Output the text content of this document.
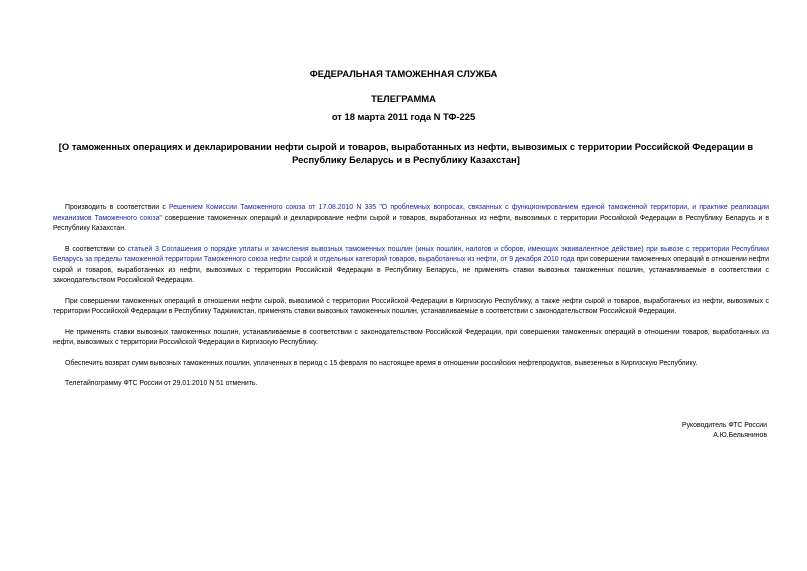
ФЕДЕРАЛЬНАЯ ТАМОЖЕННАЯ СЛУЖБА
ТЕЛЕГРАММА
от 18 марта 2011 года N ТФ-225
[О таможенных операциях и декларировании нефти сырой и товаров, выработанных из нефти, вывозимых с территории Российской Федерации в Республику Беларусь и в Республику Казахстан]

Производить в соответствии с Решением Комиссии Таможенного союза от 17.08.2010 N 335 "О проблемных вопросах, связанных с функционированием единой таможенной территории, и практике реализации механизмов Таможенного союза" совершение таможенных операций и декларирование нефти сырой и товаров, выработанных из нефти, вывозимых с территории Российской Федерации в Республику Беларусь и в Республику Казахстан.

В соответствии со статьей 3 Соглашения о порядке уплаты и зачисления вывозных таможенных пошлин (иных пошлин, налогов и сборов, имеющих эквивалентное действие) при вывозе с территории Республики Беларусь за пределы таможенной территории Таможенного союза нефти сырой и отдельных категорий товаров, выработанных из нефти, от 9 декабря 2010 года при совершении таможенных операций в отношении нефти сырой и товаров, выработанных из нефти, вывозимых с территории Российской Федерации в Республику Беларусь, не применять ставки вывозных таможенных пошлин, устанавливаемые в соответствии с законодательством Российской Федерации.

При совершении таможенных операций в отношении нефти сырой, вывозимой с территории Российской Федерации в Киргизскую Республику, а также нефти сырой и товаров, выработанных из нефти, вывозимых с территории Российской Федерации в Республику Таджикистан, применять ставки вывозных таможенных пошлин, устанавливаемые в соответствии с законодательством Российской Федерации.

Не применять ставки вывозных таможенных пошлин, устанавливаемые в соответствии с законодательством Российской Федерации, при совершении таможенных операций в отношении товаров, выработанных из нефти, вывозимых с территории Российской Федерации в Киргизскую Республику.

Обеспечить возврат сумм вывозных таможенных пошлин, уплаченных в период с 15 февраля по настоящее время в отношении российских нефтепродуктов, вывезенных в Киргизскую Республику.

Телетайпограмму ФТС России от 29.01.2010 N 51 отменить.

Руководитель ФТС России
А.Ю.Бельянинов
